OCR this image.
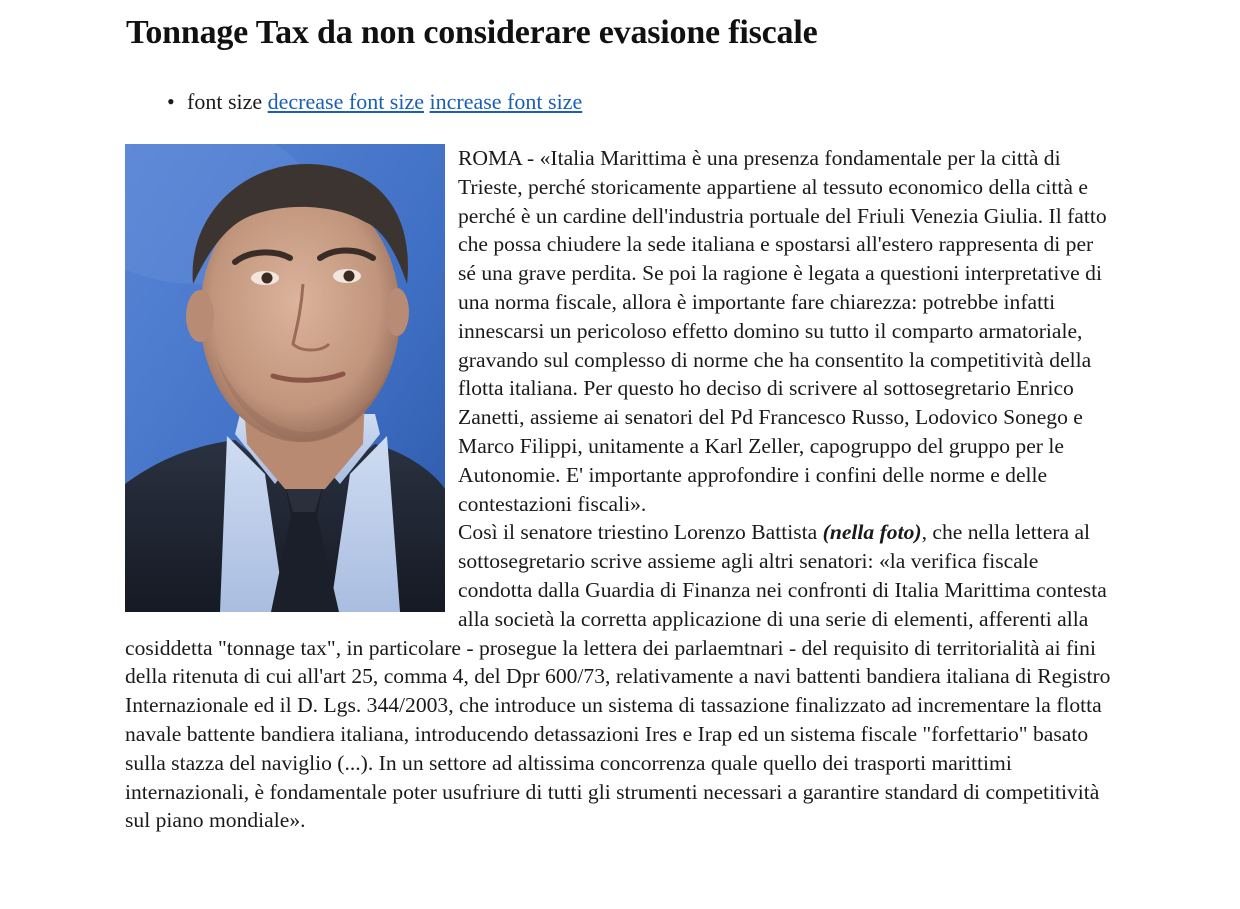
Tonnage Tax da non considerare evasione fiscale
• font size decrease font size increase font size

ROMA - «Italia Marittima è una presenza fondamentale per la città di Trieste, perché storicamente appartiene al tessuto economico della città e perché è un cardine dell'industria portuale del Friuli Venezia Giulia. Il fatto che possa chiudere la sede italiana e spostarsi all'estero rappresenta di per sé una grave perdita. Se poi la ragione è legata a questioni interpretative di una norma fiscale, allora è importante fare chiarezza: potrebbe infatti innescarsi un pericoloso effetto domino su tutto il comparto armatoriale, gravando sul complesso di norme che ha consentito la competitività della flotta italiana. Per questo ho deciso di scrivere al sottosegretario Enrico Zanetti, assieme ai senatori del Pd Francesco Russo, Lodovico Sonego e Marco Filippi, unitamente a Karl Zeller, capogruppo del gruppo per le Autonomie. E' importante approfondire i confini delle norme e delle contestazioni fiscali».

Così il senatore triestino Lorenzo Battista (nella foto), che nella lettera al sottosegretario scrive assieme agli altri senatori: «la verifica fiscale condotta dalla Guardia di Finanza nei confronti di Italia Marittima contesta alla società la corretta applicazione di una serie di elementi, afferenti alla cosiddetta "tonnage tax", in particolare - prosegue la lettera dei parlaemtnari - del requisito di territorialità ai fini della ritenuta di cui all'art 25, comma 4, del Dpr 600/73, relativamente a navi battenti bandiera italiana di Registro Internazionale ed il D. Lgs. 344/2003, che introduce un sistema di tassazione finalizzato ad incrementare la flotta navale battente bandiera italiana, introducendo detassazioni Ires e Irap ed un sistema fiscale "forfettario" basato sulla stazza del naviglio (...). In un settore ad altissima concorrenza quale quello dei trasporti marittimi internazionali, è fondamentale poter usufriure di tutti gli strumenti necessari a garantire standard di competitività sul piano mondiale».
